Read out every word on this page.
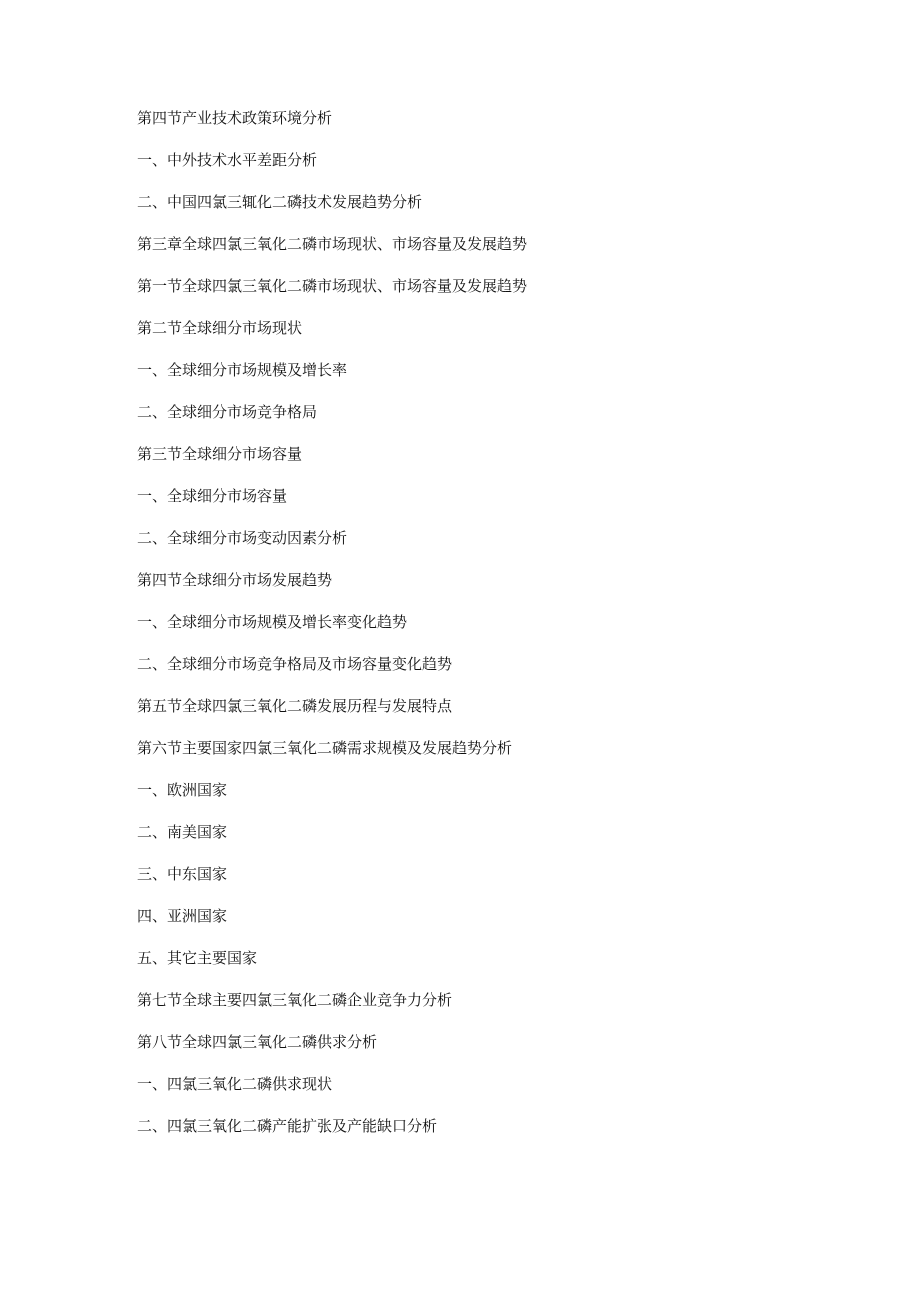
第四节产业技术政策环境分析
一、中外技术水平差距分析
二、中国四氯三辄化二磷技术发展趋势分析
第三章全球四氯三氧化二磷市场现状、市场容量及发展趋势
第一节全球四氯三氧化二磷市场现状、市场容量及发展趋势
第二节全球细分市场现状
一、全球细分市场规模及增长率
二、全球细分市场竞争格局
第三节全球细分市场容量
一、全球细分市场容量
二、全球细分市场变动因素分析
第四节全球细分市场发展趋势
一、全球细分市场规模及增长率变化趋势
二、全球细分市场竞争格局及市场容量变化趋势
第五节全球四氯三氧化二磷发展历程与发展特点
第六节主要国家四氯三氧化二磷需求规模及发展趋势分析
一、欧洲国家
二、南美国家
三、中东国家
四、亚洲国家
五、其它主要国家
第七节全球主要四氯三氧化二磷企业竞争力分析
第八节全球四氯三氧化二磷供求分析
一、四氯三氧化二磷供求现状
二、四氯三氧化二磷产能扩张及产能缺口分析
